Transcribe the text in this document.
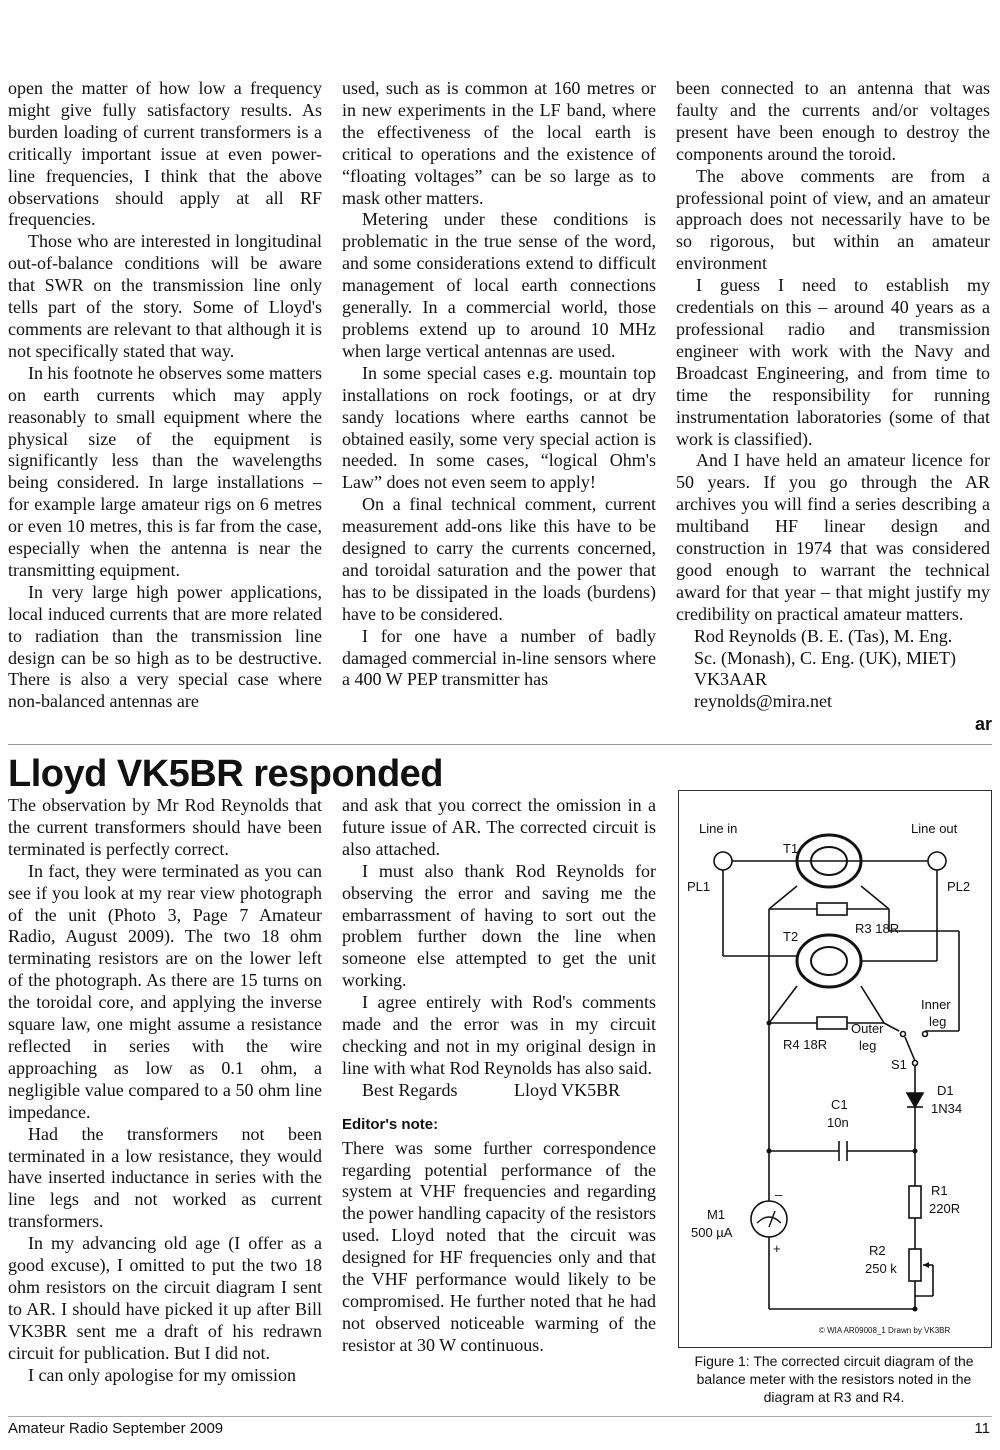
open the matter of how low a frequency might give fully satisfactory results. As burden loading of current transformers is a critically important issue at even power-line frequencies, I think that the above observations should apply at all RF frequencies.

Those who are interested in longitudinal out-of-balance conditions will be aware that SWR on the transmission line only tells part of the story. Some of Lloyd's comments are relevant to that although it is not specifically stated that way.

In his footnote he observes some matters on earth currents which may apply reasonably to small equipment where the physical size of the equipment is significantly less than the wavelengths being considered. In large installations – for example large amateur rigs on 6 metres or even 10 metres, this is far from the case, especially when the antenna is near the transmitting equipment.

In very large high power applications, local induced currents that are more related to radiation than the transmission line design can be so high as to be destructive. There is also a very special case where non-balanced antennas are

used, such as is common at 160 metres or in new experiments in the LF band, where the effectiveness of the local earth is critical to operations and the existence of “floating voltages” can be so large as to mask other matters.

Metering under these conditions is problematic in the true sense of the word, and some considerations extend to difficult management of local earth connections generally. In a commercial world, those problems extend up to around 10 MHz when large vertical antennas are used.

In some special cases e.g. mountain top installations on rock footings, or at dry sandy locations where earths cannot be obtained easily, some very special action is needed. In some cases, “logical Ohm's Law” does not even seem to apply!

On a final technical comment, current measurement add-ons like this have to be designed to carry the currents concerned, and toroidal saturation and the power that has to be dissipated in the loads (burdens) have to be considered.

I for one have a number of badly damaged commercial in-line sensors where a 400 W PEP transmitter has

been connected to an antenna that was faulty and the currents and/or voltages present have been enough to destroy the components around the toroid.

The above comments are from a professional point of view, and an amateur approach does not necessarily have to be so rigorous, but within an amateur environment

I guess I need to establish my credentials on this – around 40 years as a professional radio and transmission engineer with work with the Navy and Broadcast Engineering, and from time to time the responsibility for running instrumentation laboratories (some of that work is classified).

And I have held an amateur licence for 50 years. If you go through the AR archives you will find a series describing a multiband HF linear design and construction in 1974 that was considered good enough to warrant the technical award for that year – that might justify my credibility on practical amateur matters.

Rod Reynolds (B. E. (Tas), M. Eng.

Sc. (Monash), C. Eng. (UK), MIET)

VK3AAR

reynolds@mira.net

ar
Lloyd VK5BR responded

The observation by Mr Rod Reynolds that the current transformers should have been terminated is perfectly correct.

In fact, they were terminated as you can see if you look at my rear view photograph of the unit (Photo 3, Page 7 Amateur Radio, August 2009). The two 18 ohm terminating resistors are on the lower left of the photograph. As there are 15 turns on the toroidal core, and applying the inverse square law, one might assume a resistance reflected in series with the wire approaching as low as 0.1 ohm, a negligible value compared to a 50 ohm line impedance.

Had the transformers not been terminated in a low resistance, they would have inserted inductance in series with the line legs and not worked as current transformers.

In my advancing old age (I offer as a good excuse), I omitted to put the two 18 ohm resistors on the circuit diagram I sent to AR. I should have picked it up after Bill VK3BR sent me a draft of his redrawn circuit for publication. But I did not.

I can only apologise for my omission

and ask that you correct the omission in a future issue of AR. The corrected circuit is also attached.

I must also thank Rod Reynolds for observing the error and saving me the embarrassment of having to sort out the problem further down the line when someone else attempted to get the unit working.

I agree entirely with Rod's comments made and the error was in my circuit checking and not in my original design in line with what Rod Reynolds has also said.

Best Regards	Lloyd VK5BR

Editor's note:

There was some further correspondence regarding potential performance of the system at VHF frequencies and regarding the power handling capacity of the resistors used. Lloyd noted that the circuit was designed for HF frequencies only and that the VHF performance would likely to be compromised. He further noted that he had not observed noticeable warming of the resistor at 30 W continuous.

Line in	Line out
PL1	PL2
T1
T2
R3 18R
R4 18R
Inner
leg
Outer
leg
S1
D1
1N34
C1
10n
M1
500 µA
–
+
R1
220R
R2
250 k
© WIA AR09008_1 Drawn by VK3BR
Figure 1: The corrected circuit diagram of the balance meter with the resistors noted in the diagram at R3 and R4.
Amateur Radio September 2009	11
